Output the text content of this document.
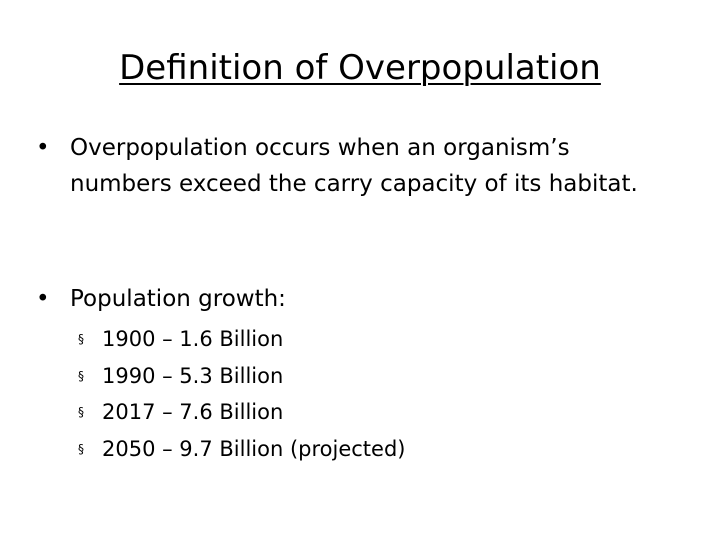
Definition of Overpopulation
• Overpopulation occurs when an organism’s numbers exceed the carry capacity of its habitat.
• Population growth:
§ 1900 – 1.6 Billion
§ 1990 – 5.3 Billion
§ 2017 – 7.6 Billion
§ 2050 – 9.7 Billion (projected)
